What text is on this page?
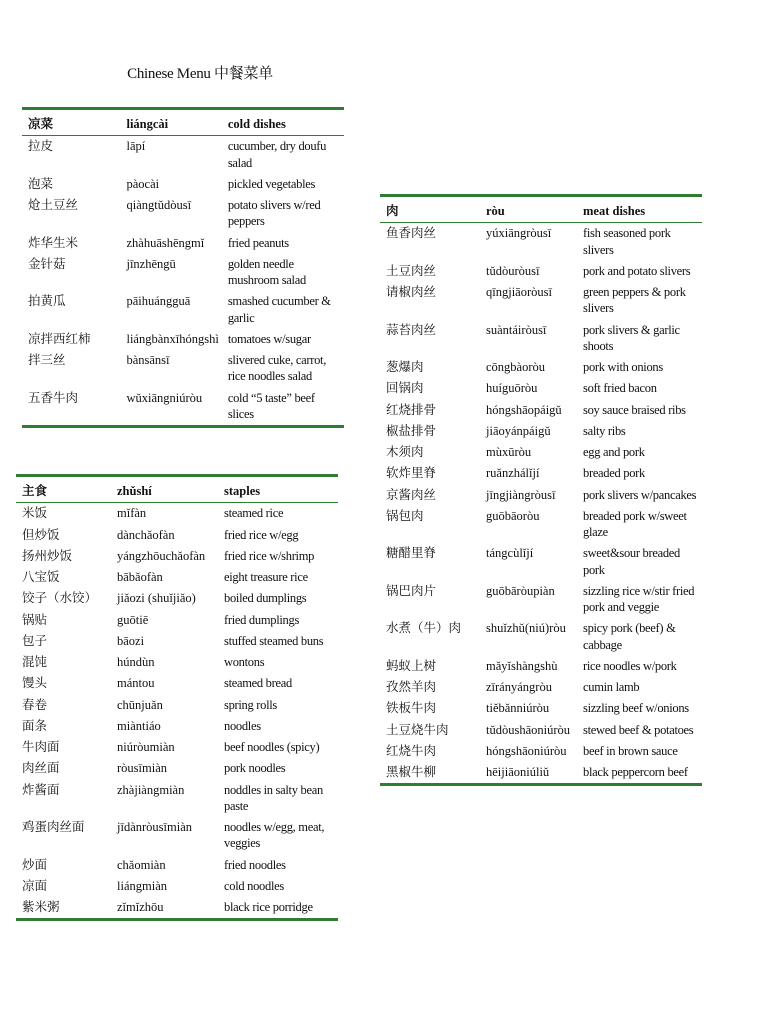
Chinese Menu 中餐菜单
凉菜	liángcài	cold dishes
拉皮	lāpí	cucumber, dry doufu salad
泡菜	pàocài	pickled vegetables
炝土豆丝	qiàngtǔdòusī	potato slivers w/red peppers
炸华生米	zhàhuāshēngmǐ	fried peanuts
金针菇	jīnzhēngū	golden needle mushroom salad
拍黄瓜	pāihuángguā	smashed cucumber & garlic
凉拌西红柿	liángbànxīhóngshì	tomatoes w/sugar
拌三丝	bànsānsī	slivered cuke, carrot, rice noodles salad
五香牛肉	wǔxiāngniúròu	cold “5 taste” beef slices
主食	zhǔshí	staples
米饭	mǐfàn	steamed rice
但炒饭	dànchǎofàn	fried rice w/egg
扬州炒饭	yángzhōuchǎofàn	fried rice w/shrimp
八宝饭	bābǎofàn	eight treasure rice
饺子（水饺）	jiǎozi (shuǐjiǎo)	boiled dumplings
锅贴	guōtiē	fried dumplings
包子	bāozi	stuffed steamed buns
混饨	húndùn	wontons
馒头	mántou	steamed bread
春卷	chūnjuǎn	spring rolls
面条	miàntiáo	noodles
牛肉面	niúròumiàn	beef noodles (spicy)
肉丝面	ròusīmiàn	pork noodles
炸酱面	zhàjiàngmiàn	noddles in salty bean paste
鸡蛋肉丝面	jīdànròusīmiàn	noodles w/egg, meat, veggies
炒面	chǎomiàn	fried noodles
凉面	liángmiàn	cold noodles
紫米粥	zǐmǐzhōu	black rice porridge
肉	ròu	meat dishes
鱼香肉丝	yúxiāngròusī	fish seasoned pork slivers
土豆肉丝	tǔdòuròusī	pork and potato slivers
请椒肉丝	qīngjiāoròusī	green peppers & pork slivers
蒜苔肉丝	suàntáiròusī	pork slivers & garlic shoots
葱爆肉	cōngbàoròu	pork with onions
回锅肉	huíguōròu	soft fried bacon
红烧排骨	hóngshāopáigǔ	soy sauce braised ribs
椒盐排骨	jiāoyánpáigǔ	salty ribs
木须肉	mùxūròu	egg and pork
软炸里脊	ruǎnzhálǐjí	breaded pork
京酱肉丝	jīngjiàngròusī	pork slivers w/pancakes
锅包肉	guōbāoròu	breaded pork w/sweet glaze
糖醋里脊	tángcùlǐjí	sweet&sour breaded pork
锅巴肉片	guōbāròupiàn	sizzling rice w/stir fried pork and veggie
水煮（牛）肉	shuǐzhǔ(niú)ròu	spicy pork (beef) & cabbage
蚂蚁上树	mǎyǐshàngshù	rice noodles w/pork
孜然羊肉	zīrányángròu	cumin lamb
铁板牛肉	tiěbǎnniúròu	sizzling beef w/onions
土豆烧牛肉	tǔdòushāoniúròu	stewed beef & potatoes
红烧牛肉	hóngshāoniúròu	beef in brown sauce
黑椒牛柳	hēijiāoniúliǔ	black peppercorn beef
